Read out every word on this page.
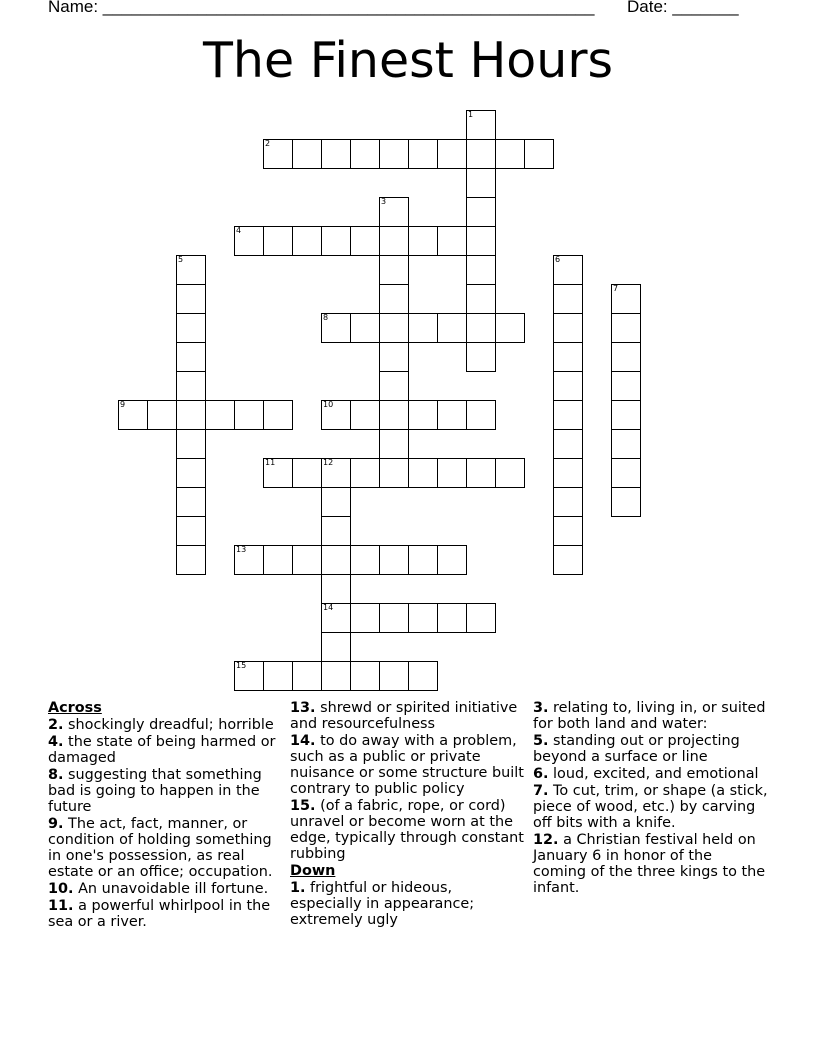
Name: ____________________________________________________ Date: _______
The Finest Hours
1
2
3
4
5	6
7
8
9	10
11	12
14
13
15
Across
2. shockingly dreadful; horrible
4. the state of being harmed or damaged
8. suggesting that something bad is going to happen in the future
9. The act, fact, manner, or condition of holding something in one's possession, as real estate or an office; occupation.
10. An unavoidable ill fortune.
11. a powerful whirlpool in the sea or a river.
13. shrewd or spirited initiative and resourcefulness
14. to do away with a problem, such as a public or private nuisance or some structure built contrary to public policy
15. (of a fabric, rope, or cord) unravel or become worn at the edge, typically through constant rubbing
Down
1. frightful or hideous, especially in appearance; extremely ugly
3. relating to, living in, or suited for both land and water:
5. standing out or projecting beyond a surface or line
6. loud, excited, and emotional
7. To cut, trim, or shape (a stick, piece of wood, etc.) by carving off bits with a knife.
12. a Christian festival held on January 6 in honor of the coming of the three kings to the infant.
